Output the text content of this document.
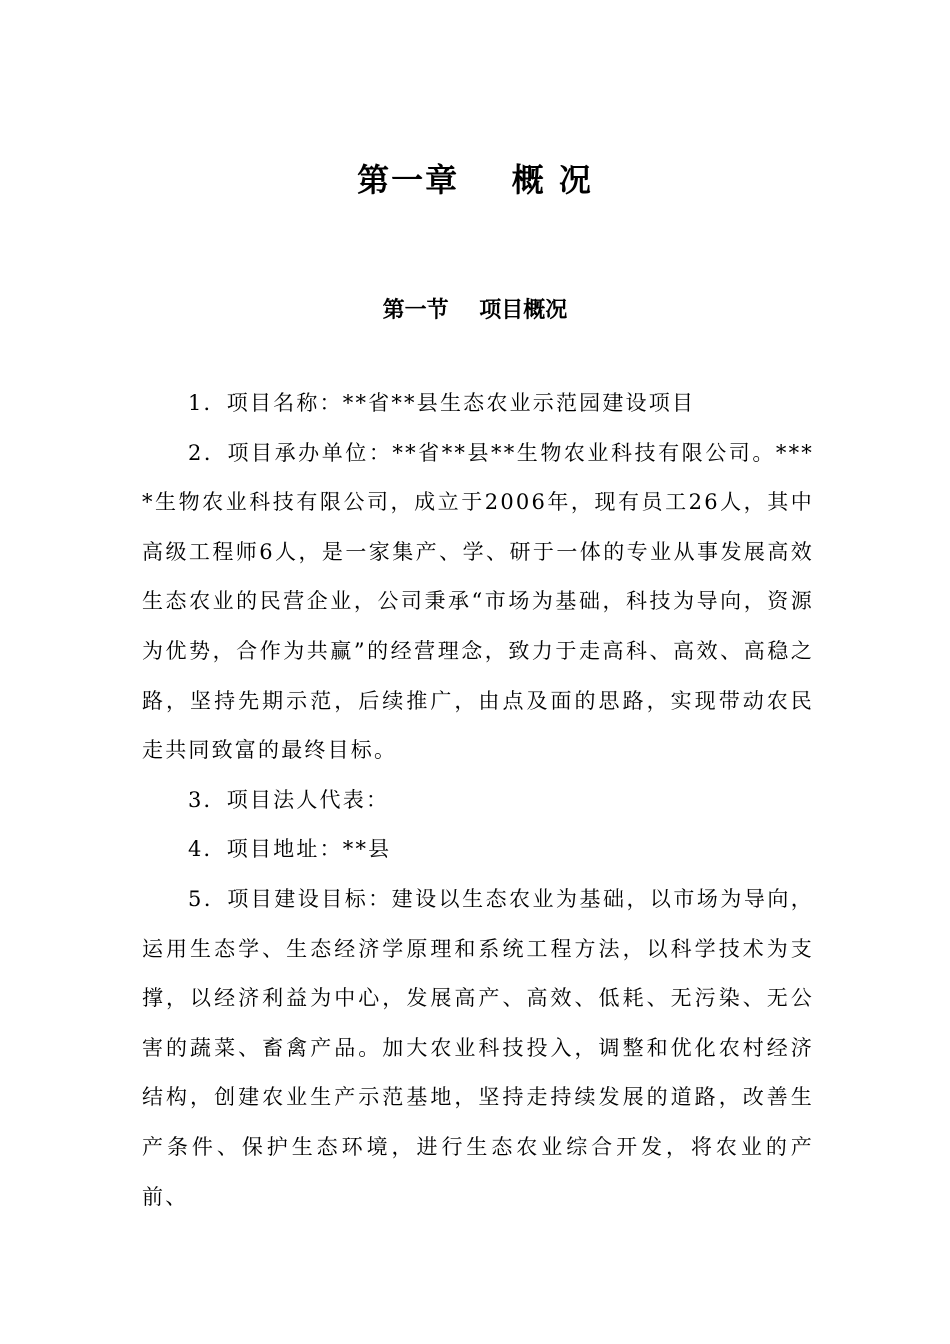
第一章    概 况
第一节    项目概况

1．项目名称：**省**县生态农业示范园建设项目

2．项目承办单位：**省**县**生物农业科技有限公司。****生物农业科技有限公司，成立于2006年，现有员工26人，其中高级工程师6人，是一家集产、学、研于一体的专业从事发展高效生态农业的民营企业，公司秉承“市场为基础，科技为导向，资源为优势，合作为共赢”的经营理念，致力于走高科、高效、高稳之路，坚持先期示范，后续推广，由点及面的思路，实现带动农民走共同致富的最终目标。

3．项目法人代表：

4．项目地址：**县

5．项目建设目标：建设以生态农业为基础，以市场为导向，运用生态学、生态经济学原理和系统工程方法，以科学技术为支撑，以经济利益为中心，发展高产、高效、低耗、无污染、无公害的蔬菜、畜禽产品。加大农业科技投入，调整和优化农村经济结构，创建农业生产示范基地，坚持走持续发展的道路，改善生产条件、保护生态环境，进行生态农业综合开发，将农业的产前、
